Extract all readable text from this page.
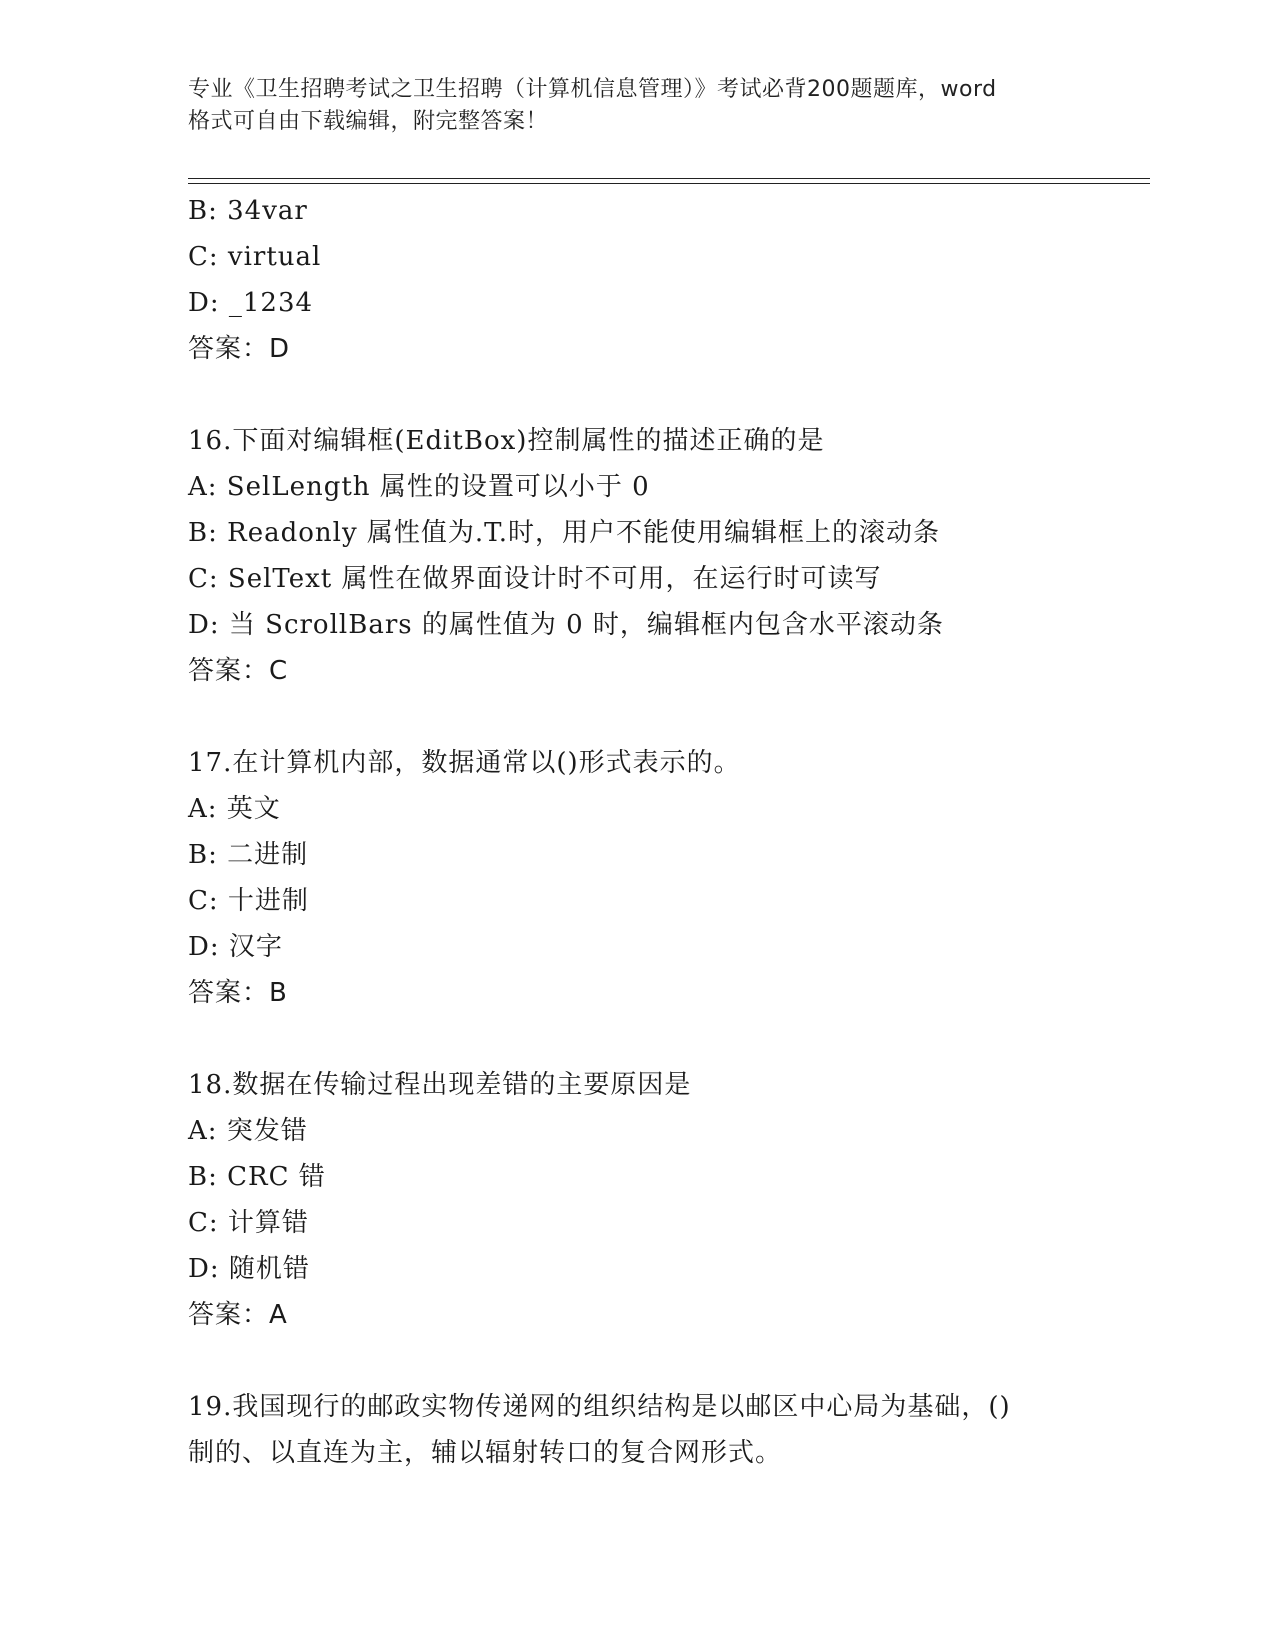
专业《卫生招聘考试之卫生招聘（计算机信息管理）》考试必背200题题库，word
格式可自由下载编辑，附完整答案！
B: 34var
C: virtual
D: _1234
答案：D
16.下面对编辑框(EditBox)控制属性的描述正确的是
A: SelLength 属性的设置可以小于 0
B: Readonly 属性值为.T.时，用户不能使用编辑框上的滚动条
C: SelText 属性在做界面设计时不可用，在运行时可读写
D: 当 ScrollBars 的属性值为 0 时，编辑框内包含水平滚动条
答案：C
17.在计算机内部，数据通常以()形式表示的。
A: 英文
B: 二进制
C: 十进制
D: 汉字
答案：B
18.数据在传输过程出现差错的主要原因是
A: 突发错
B: CRC 错
C: 计算错
D: 随机错
答案：A
19.我国现行的邮政实物传递网的组织结构是以邮区中心局为基础，()
制的、以直连为主，辅以辐射转口的复合网形式。
